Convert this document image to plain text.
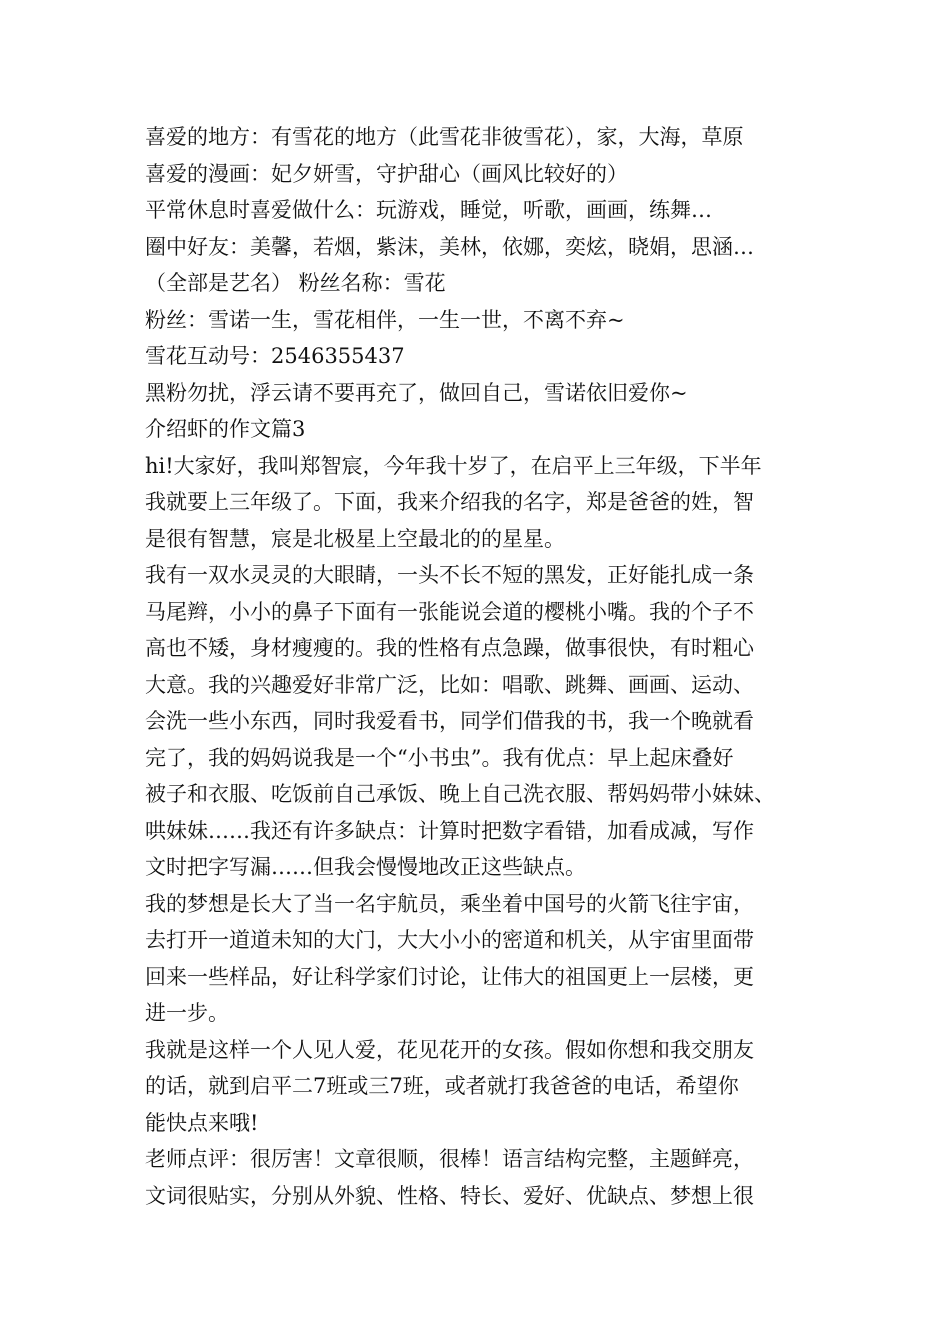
喜爱的地方：有雪花的地方（此雪花非彼雪花），家，大海，草原

喜爱的漫画：妃夕妍雪，守护甜心（画风比较好的）

平常休息时喜爱做什么：玩游戏，睡觉，听歌，画画，练舞…

圈中好友：美馨，若烟，紫沫，美林，依娜，奕炫，晓娟，思涵…

（全部是艺名） 粉丝名称：雪花

粉丝：雪诺一生，雪花相伴，一生一世，不离不弃~

雪花互动号：2546355437

黑粉勿扰，浮云请不要再充了，做回自己，雪诺依旧爱你~

介绍虾的作文篇3

hi!大家好，我叫郑智宸，今年我十岁了，在启平上三年级，下半年

我就要上三年级了。下面，我来介绍我的名字，郑是爸爸的姓，智

是很有智慧，宸是北极星上空最北的的星星。

我有一双水灵灵的大眼睛，一头不长不短的黑发，正好能扎成一条

马尾辫，小小的鼻子下面有一张能说会道的樱桃小嘴。我的个子不

高也不矮，身材瘦瘦的。我的性格有点急躁，做事很快，有时粗心

大意。我的兴趣爱好非常广泛，比如：唱歌、跳舞、画画、运动、

会洗一些小东西，同时我爱看书，同学们借我的书，我一个晚就看

完了，我的妈妈说我是一个“小书虫”。我有优点：早上起床叠好

被子和衣服、吃饭前自己承饭、晚上自己洗衣服、帮妈妈带小妹妹、

哄妹妹……我还有许多缺点：计算时把数字看错，加看成减，写作

文时把字写漏……但我会慢慢地改正这些缺点。

我的梦想是长大了当一名宇航员，乘坐着中国号的火箭飞往宇宙，

去打开一道道未知的大门，大大小小的密道和机关，从宇宙里面带

回来一些样品，好让科学家们讨论，让伟大的祖国更上一层楼，更

进一步。

我就是这样一个人见人爱，花见花开的女孩。假如你想和我交朋友

的话，就到启平二7班或三7班，或者就打我爸爸的电话，希望你

能快点来哦!

老师点评：很厉害！文章很顺，很棒！语言结构完整，主题鲜亮，

文词很贴实，分别从外貌、性格、特长、爱好、优缺点、梦想上很
